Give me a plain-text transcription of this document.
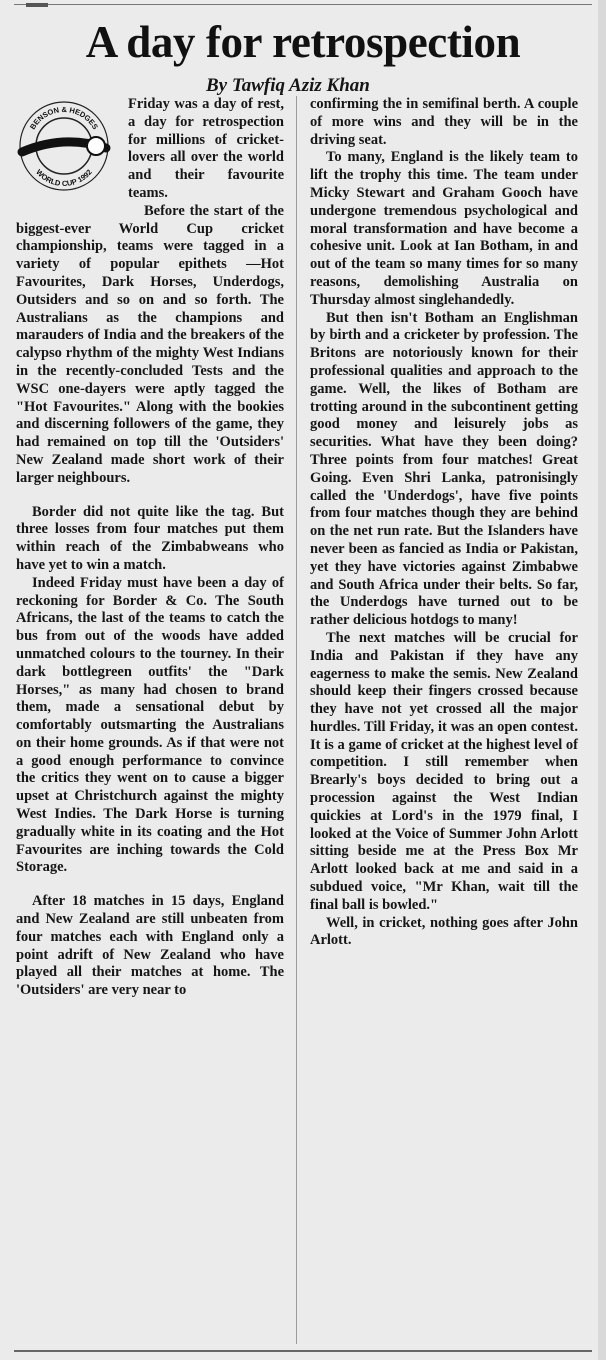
A day for retrospection
By Tawfiq Aziz Khan
BENSON & HEDGES
WORLD CUP 1992

Friday was a day of rest, a day for retrospection for millions of cricket-lovers all over the world and their favourite teams.

Before the start of the biggest-ever World Cup cricket championship, teams were tagged in a variety of popular epithets —Hot Favourites, Dark Horses, Underdogs, Outsiders and so on and so forth. The Australians as the champions and marauders of India and the breakers of the calypso rhythm of the mighty West Indians in the recently-concluded Tests and the WSC one-dayers were aptly tagged the "Hot Favourites." Along with the bookies and discerning followers of the game, they had remained on top till the 'Outsiders' New Zealand made short work of their larger neighbours.

Border did not quite like the tag. But three losses from four matches put them within reach of the Zimbabweans who have yet to win a match.

Indeed Friday must have been a day of reckoning for Border & Co. The South Africans, the last of the teams to catch the bus from out of the woods have added unmatched colours to the tourney. In their dark bottlegreen outfits' the "Dark Horses," as many had chosen to brand them, made a sensational debut by comfortably outsmarting the Australians on their home grounds. As if that were not a good enough performance to convince the critics they went on to cause a bigger upset at Christchurch against the mighty West Indies. The Dark Horse is turning gradually white in its coating and the Hot Favourites are inching towards the Cold Storage.

After 18 matches in 15 days, England and New Zealand are still unbeaten from four matches each with England only a point adrift of New Zealand who have played all their matches at home. The 'Outsiders' are very near to

confirming the in semifinal berth. A couple of more wins and they will be in the driving seat.

To many, England is the likely team to lift the trophy this time. The team under Micky Stewart and Graham Gooch have undergone tremendous psychological and moral transformation and have become a cohesive unit. Look at Ian Botham, in and out of the team so many times for so many reasons, demolishing Australia on Thursday almost singlehandedly.

But then isn't Botham an Englishman by birth and a cricketer by profession. The Britons are notoriously known for their professional qualities and approach to the game. Well, the likes of Botham are trotting around in the subcontinent getting good money and leisurely jobs as securities. What have they been doing? Three points from four matches! Great Going. Even Shri Lanka, patronisingly called the 'Underdogs', have five points from four matches though they are behind on the net run rate. But the Islanders have never been as fancied as India or Pakistan, yet they have victories against Zimbabwe and South Africa under their belts. So far, the Underdogs have turned out to be rather delicious hotdogs to many!

The next matches will be crucial for India and Pakistan if they have any eagerness to make the semis. New Zealand should keep their fingers crossed because they have not yet crossed all the major hurdles. Till Friday, it was an open contest. It is a game of cricket at the highest level of competition. I still remember when Brearly's boys decided to bring out a procession against the West Indian quickies at Lord's in the 1979 final, I looked at the Voice of Summer John Arlott sitting beside me at the Press Box Mr Arlott looked back at me and said in a subdued voice, "Mr Khan, wait till the final ball is bowled."

Well, in cricket, nothing goes after John Arlott.
